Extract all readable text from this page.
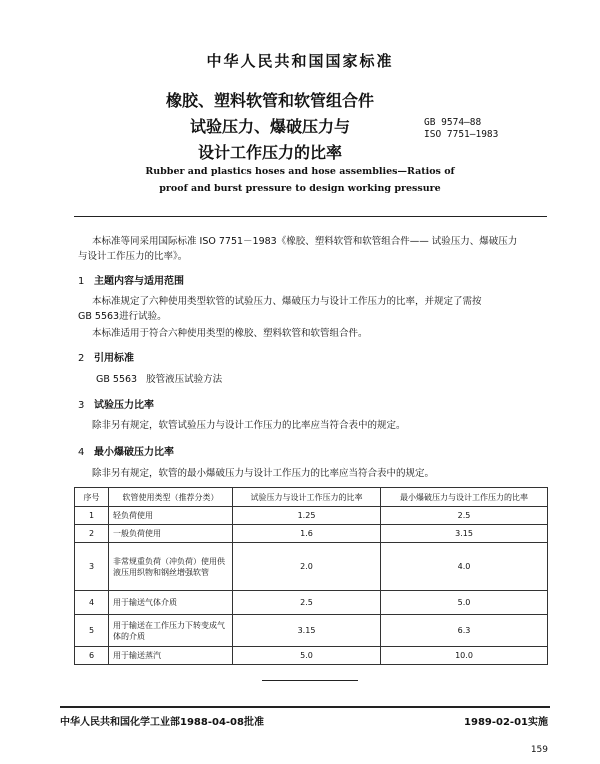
中华人民共和国国家标准
橡胶、塑料软管和软管组合件
试验压力、爆破压力与
设计工作压力的比率
GB 9574—88
ISO 7751—1983
Rubber and plastics hoses and hose assemblies—Ratios of
proof and burst pressure to design working pressure
本标准等同采用国际标准 ISO 7751－1983《橡胶、塑料软管和软管组合件—— 试验压力、爆破压力
与设计工作压力的比率》。
1 主题内容与适用范围
本标准规定了六种使用类型软管的试验压力、爆破压力与设计工作压力的比率，并规定了需按
GB 5563进行试验。
本标准适用于符合六种使用类型的橡胶、塑料软管和软管组合件。
2 引用标准
GB 5563   胶管液压试验方法
3 试验压力比率
除非另有规定，软管试验压力与设计工作压力的比率应当符合表中的规定。
4 最小爆破压力比率
除非另有规定，软管的最小爆破压力与设计工作压力的比率应当符合表中的规定。
序号	软管使用类型（推荐分类）	试验压力与设计工作压力的比率	最小爆破压力与设计工作压力的比率
1	轻负荷使用	1.25	2.5
2	一般负荷使用	1.6	3.15
3	非常规重负荷（冲负荷）使用供液压用织物和钢丝增强软管	2.0	4.0
4	用于输送气体介质	2.5	5.0
5	用于输送在工作压力下转变成气体的介质	3.15	6.3
6	用于输送蒸汽	5.0	10.0
中华人民共和国化学工业部1988-04-08批准	1989-02-01实施
159
